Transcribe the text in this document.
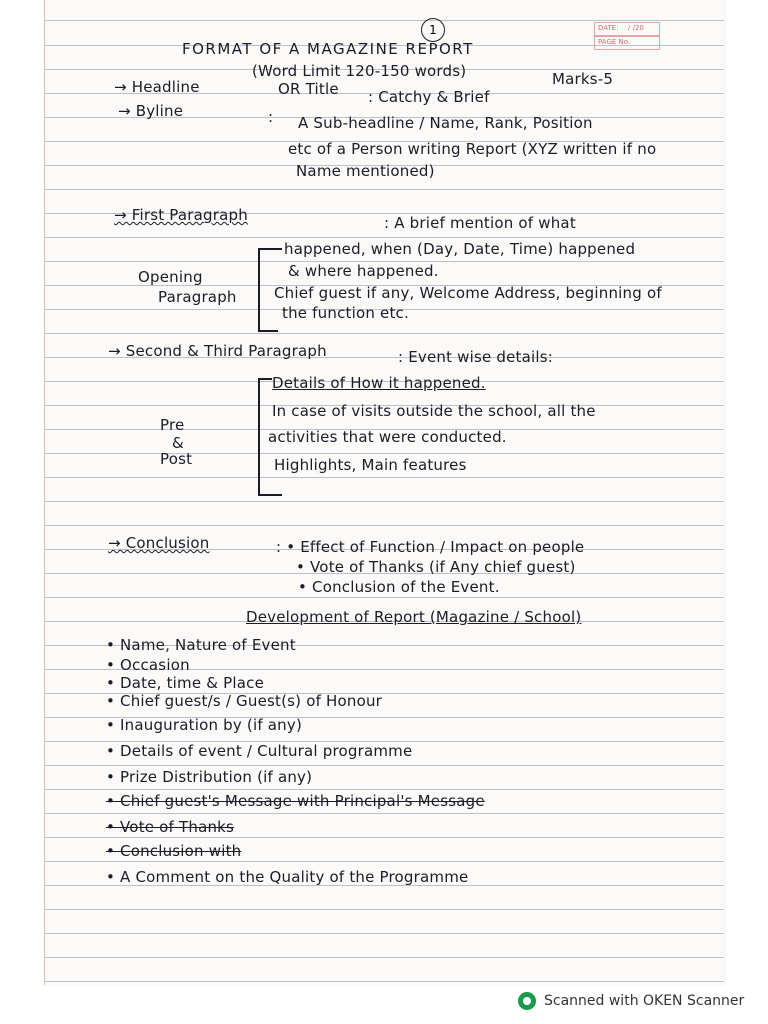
1	DATE: / /20
PAGE No.
FORMAT OF A MAGAZINE REPORT
(Word Limit 120-150 words)	Marks-5
→ Headline	OR Title : Catchy & Brief
→ Byline	: A Sub-headline / Name, Rank, Position
etc of a Person writing Report (XYZ written if no
Name mentioned)
→ First Paragraph	: A brief mention of what
Opening
Paragraph
happened, when (Day, Date, Time) happened
& where happened.
Chief guest if any, Welcome Address, beginning of
the function etc.
→ Second & Third Paragraph	: Event wise details:
Pre
&
Post
Details of How it happened.
In case of visits outside the school, all the
activities that were conducted.
Highlights, Main features
→ Conclusion	: • Effect of Function / Impact on people
• Vote of Thanks (if Any chief guest)
• Conclusion of the Event.
Development of Report (Magazine / School)
• Name, Nature of Event
• Occasion
• Date, time & Place
• Chief guest/s / Guest(s) of Honour
• Inauguration by (if any)
• Details of event / Cultural programme
• Prize Distribution (if any)
• Chief guest's Message with Principal's Message
• Vote of Thanks
• Conclusion with
• A Comment on the Quality of the Programme
Scanned with OKEN Scanner
